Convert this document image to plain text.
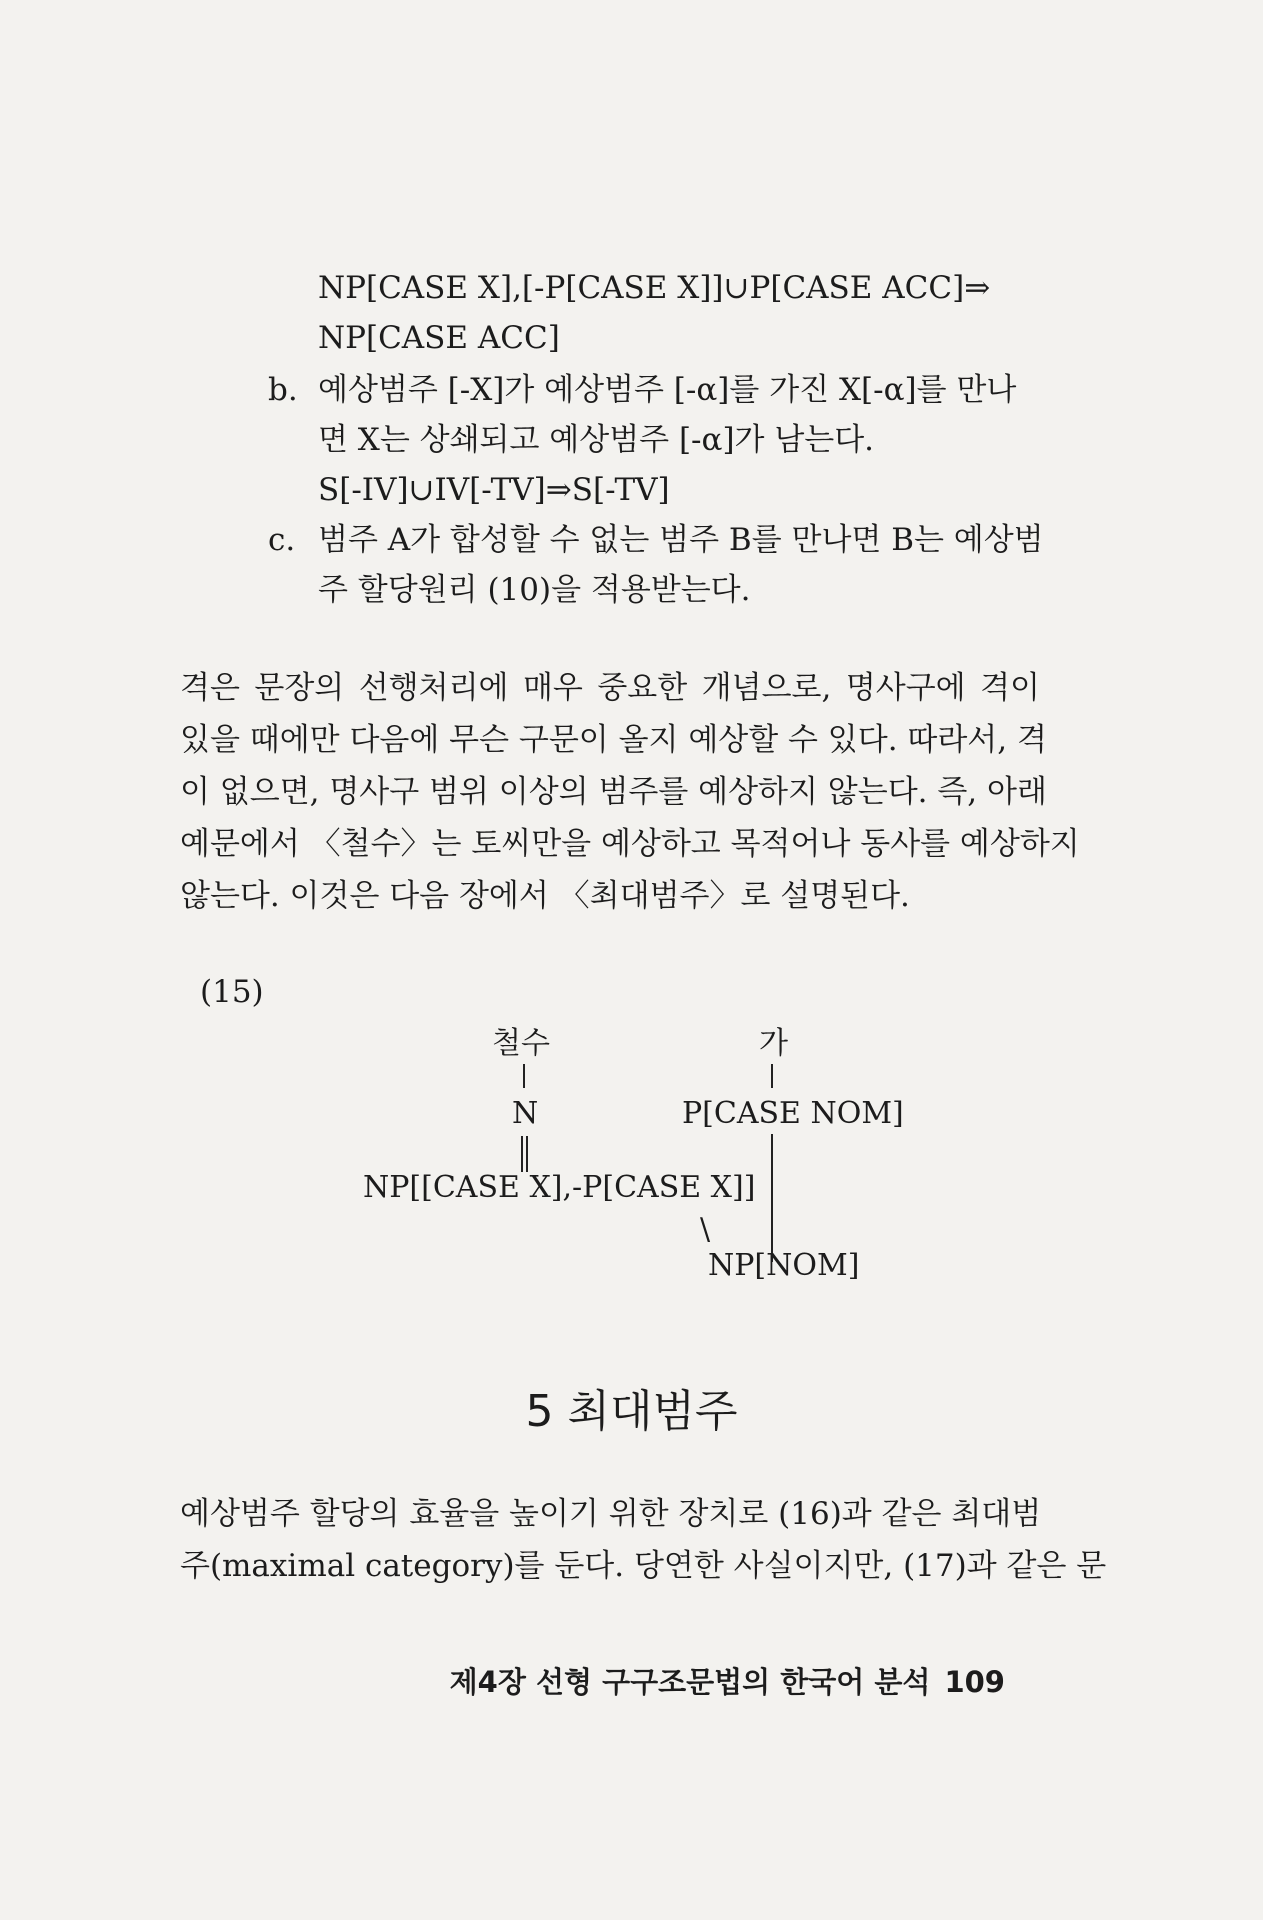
NP[CASE X],[-P[CASE X]]∪P[CASE ACC]⇒
NP[CASE ACC]
b. 예상범주 [-X]가 예상범주 [-α]를 가진 X[-α]를 만나
면 X는 상쇄되고 예상범주 [-α]가 남는다.
S[-IV]∪IV[-TV]⇒S[-TV]
c. 범주 A가 합성할 수 없는 범주 B를 만나면 B는 예상범
주 할당원리 (10)을 적용받는다.
격은 문장의 선행처리에 매우 중요한 개념으로, 명사구에 격이
있을 때에만 다음에 무슨 구문이 올지 예상할 수 있다. 따라서, 격
이 없으면, 명사구 범위 이상의 범주를 예상하지 않는다. 즉, 아래
예문에서 〈철수〉는 토씨만을 예상하고 목적어나 동사를 예상하지
않는다. 이것은 다음 장에서 〈최대범주〉로 설명된다.
(15)
철수	가
N	P[CASE NOM]
NP[[CASE X],-P[CASE X]]
\
NP[NOM]
5 최대범주
예상범주 할당의 효율을 높이기 위한 장치로 (16)과 같은 최대범
주(maximal category)를 둔다. 당연한 사실이지만, (17)과 같은 문
제4장 선형 구구조문법의 한국어 분석 109
